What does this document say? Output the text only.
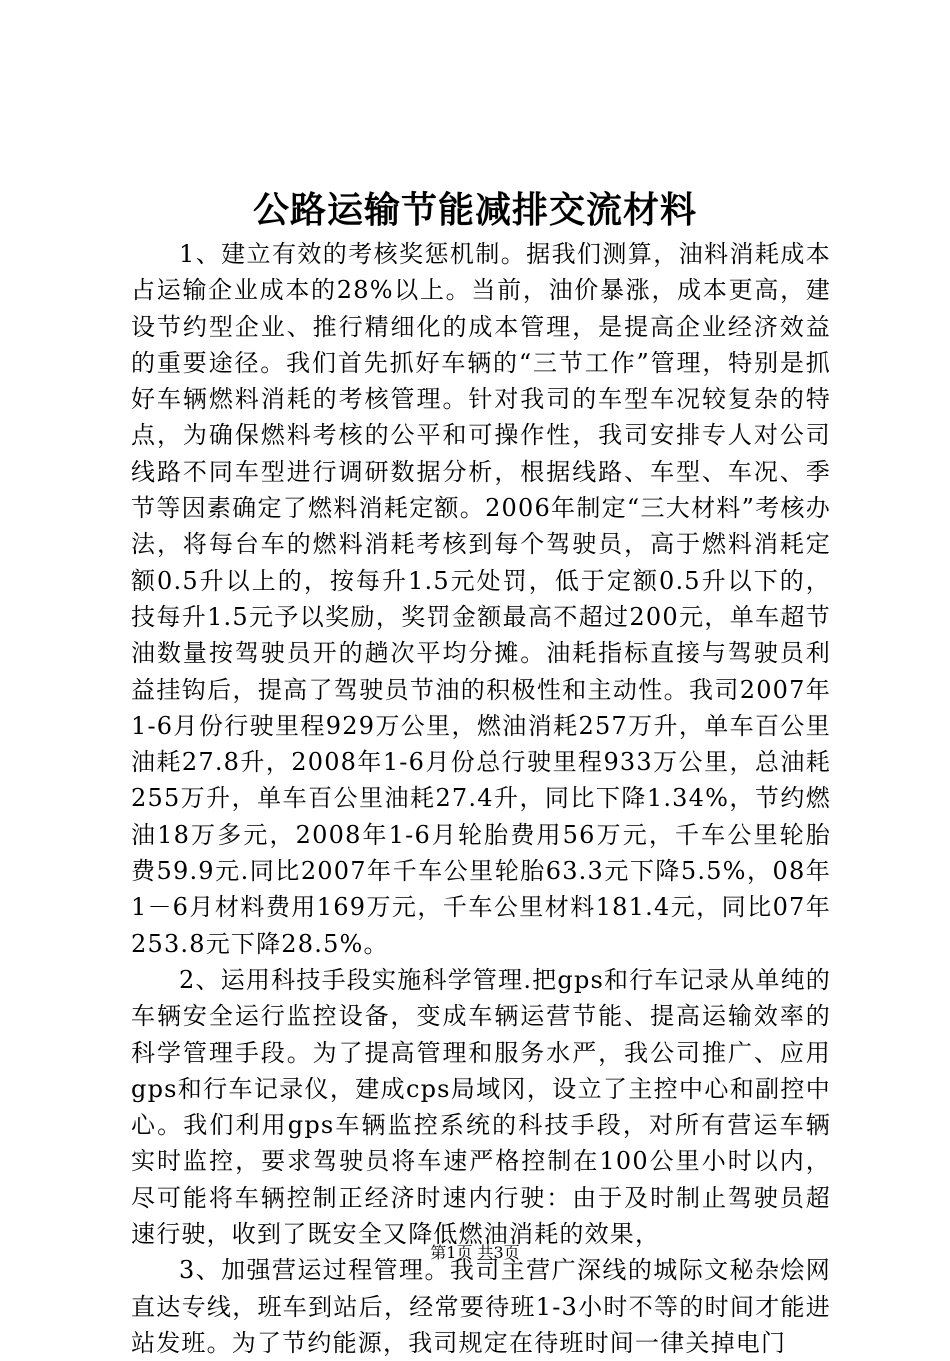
公路运输节能减排交流材料

1、建立有效的考核奖惩机制。据我们测算，油料消耗成本占运输企业成本的28%以上。当前，油价暴涨，成本更高，建设节约型企业、推行精细化的成本管理，是提高企业经济效益的重要途径。我们首先抓好车辆的“三节工作”管理，特别是抓好车辆燃料消耗的考核管理。针对我司的车型车况较复杂的特点，为确保燃料考核的公平和可操作性，我司安排专人对公司线路不同车型进行调研数据分析，根据线路、车型、车况、季节等因素确定了燃料消耗定额。2006年制定“三大材料”考核办法，将每台车的燃料消耗考核到每个驾驶员，高于燃料消耗定额0.5升以上的，按每升1.5元处罚，低于定额0.5升以下的，技每升1.5元予以奖励，奖罚金额最高不超过200元，单车超节油数量按驾驶员开的趟次平均分摊。油耗指标直接与驾驶员利益挂钩后，提高了驾驶员节油的积极性和主动性。我司2007年1-6月份行驶里程929万公里，燃油消耗257万升，单车百公里油耗27.8升，2008年1-6月份总行驶里程933万公里，总油耗255万升，单车百公里油耗27.4升，同比下降1.34%，节约燃油18万多元，2008年1-6月轮胎费用56万元，千车公里轮胎费59.9元.同比2007年千车公里轮胎63.3元下降5.5%，08年1－6月材料费用169万元，千车公里材料181.4元，同比07年253.8元下降28.5%。

2、运用科技手段实施科学管理.把gps和行车记录从单纯的车辆安全运行监控设备，变成车辆运营节能、提高运输效率的科学管理手段。为了提高管理和服务水严，我公司推广、应用gps和行车记录仪，建成cps局域冈，设立了主控中心和副控中心。我们利用gps车辆监控系统的科技手段，对所有营运车辆实时监控，要求驾驶员将车速严格控制在100公里小时以内，尽可能将车辆控制正经济时速内行驶：由于及时制止驾驶员超速行驶，收到了既安全又降低燃油消耗的效果，

3、加强营运过程管理。我司主营广深线的城际文秘杂烩网直达专线，班车到站后，经常要待班1-3小时不等的时间才能进站发班。为了节约能源，我司规定在待班时间一律关掉电门

第1页 共3页
